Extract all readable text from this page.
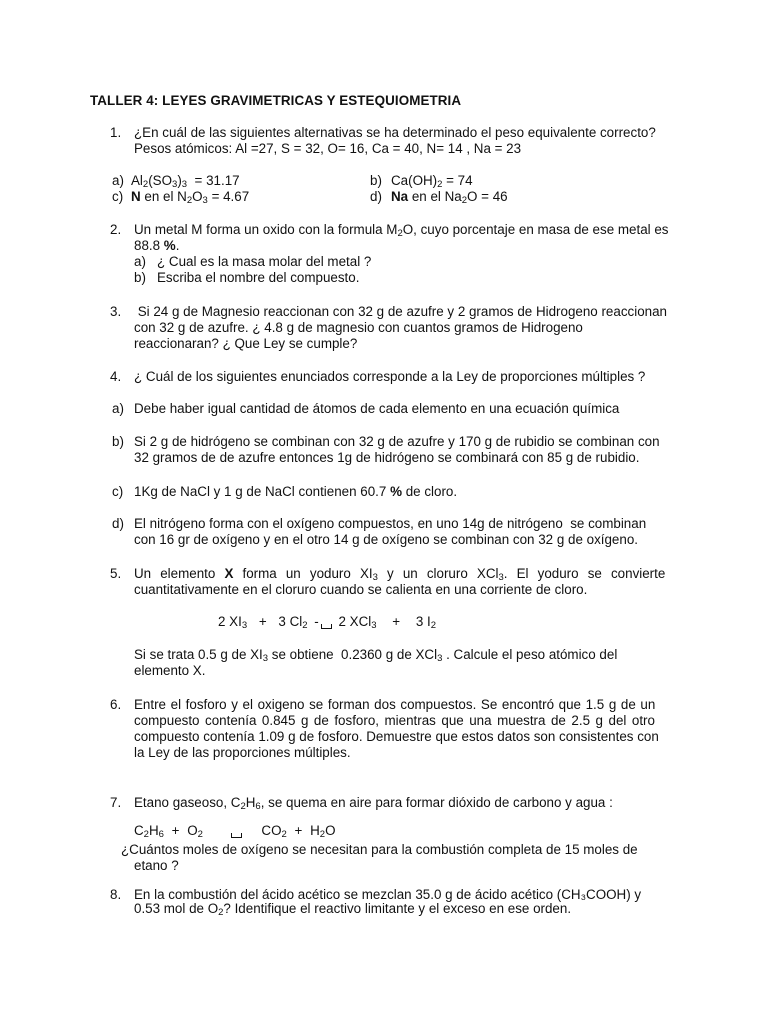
TALLER 4: LEYES GRAVIMETRICAS Y ESTEQUIOMETRIA
1. ¿En cuál de las siguientes alternativas se ha determinado el peso equivalente correcto?
Pesos atómicos: Al =27, S = 32, O= 16, Ca = 40, N= 14 , Na = 23
a) $Al_2(SO_3)_3 = 31.17$	b) $Ca(OH)_2 = 74$
c) N en el $N_2O_3 = 4.67$	d) Na en el $Na_2O = 46$
2. Un metal M forma un oxido con la formula $M_2O$, cuyo porcentaje en masa de ese metal es
88.8 %.
a) ¿ Cual es la masa molar del metal ?
b) Escriba el nombre del compuesto.
3. Si 24 g de Magnesio reaccionan con 32 g de azufre y 2 gramos de Hidrogeno reaccionan
con 32 g de azufre. ¿ 4.8 g de magnesio con cuantos gramos de Hidrogeno
reaccionaran? ¿ Que Ley se cumple?
4. ¿ Cuál de los siguientes enunciados corresponde a la Ley de proporciones múltiples ?
a) Debe haber igual cantidad de átomos de cada elemento en una ecuación química
b) Si 2 g de hidrógeno se combinan con 32 g de azufre y 170 g de rubidio se combinan con
32 gramos de de azufre entonces 1g de hidrógeno se combinará con 85 g de rubidio.
c) 1Kg de NaCl y 1 g de NaCl contienen 60.7 % de cloro.
d) El nitrógeno forma con el oxígeno compuestos, en uno 14g de nitrógeno  se combinan
con 16 gr de oxígeno y en el otro 14 g de oxígeno se combinan con 32 g de oxígeno.
5. Un elemento X forma un yoduro $XI_3$ y un cloruro XCl$_3$. El yoduro se convierte
cuantitativamente en el cloruro cuando se calienta en una corriente de cloro.
2 $XI_3 + 3$ $Cl_2 - 2$ XCl$_3$ + 3 $I_2$
Si se trata 0.5 g de $XI_3$ se obtiene  0.2360 g de XCl$_3$ . Calcule el peso atómico del
elemento X.
6. Entre el fosforo y el oxigeno se forman dos compuestos. Se encontró que 1.5 g de un
compuesto contenía 0.845 g de fosforo, mientras que una muestra de 2.5 g del otro
compuesto contenía 1.09 g de fosforo. Demuestre que estos datos son consistentes con
la Ley de las proporciones múltiples.
7. Etano gaseoso, $C_2H_6$, se quema en aire para formar dióxido de carbono y agua :
$C_2H_6 + O_2$	$CO_2 + H_2O$
¿Cuántos moles de oxígeno se necesitan para la combustión completa de 15 moles de
etano ?
8. En la combustión del ácido acético se mezclan 35.0 g de ácido acético (CH₃COOH) y
0.53 mol de $O_2$? Identifique el reactivo limitante y el exceso en ese orden.
